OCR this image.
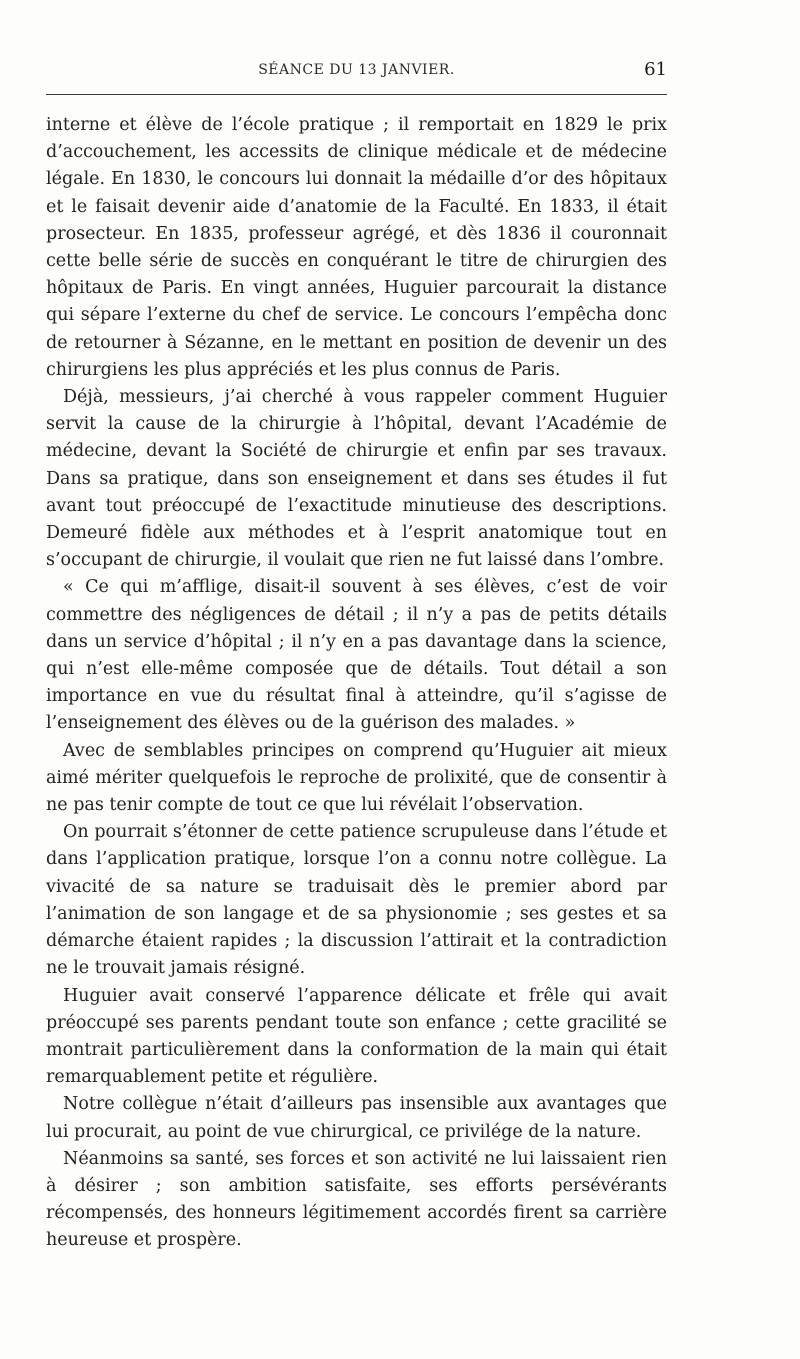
SÉANCE DU 13 JANVIER.	61

interne et élève de l’école pratique ; il remportait en 1829 le prix d’accouchement, les accessits de clinique médicale et de médecine légale. En 1830, le concours lui donnait la médaille d’or des hôpitaux et le faisait devenir aide d’anatomie de la Faculté. En 1833, il était prosecteur. En 1835, professeur agrégé, et dès 1836 il couronnait cette belle série de succès en conquérant le titre de chirurgien des hôpitaux de Paris. En vingt années, Huguier parcourait la distance qui sépare l’externe du chef de service. Le concours l’empêcha donc de retourner à Sézanne, en le mettant en position de devenir un des chirurgiens les plus appréciés et les plus connus de Paris.

Déjà, messieurs, j’ai cherché à vous rappeler comment Huguier servit la cause de la chirurgie à l’hôpital, devant l’Académie de médecine, devant la Société de chirurgie et enfin par ses travaux. Dans sa pratique, dans son enseignement et dans ses études il fut avant tout préoccupé de l’exactitude minutieuse des descriptions. Demeuré fidèle aux méthodes et à l’esprit anatomique tout en s’occupant de chirurgie, il voulait que rien ne fut laissé dans l’ombre.

« Ce qui m’afflige, disait-il souvent à ses élèves, c’est de voir commettre des négligences de détail ; il n’y a pas de petits détails dans un service d’hôpital ; il n’y en a pas davantage dans la science, qui n’est elle-même composée que de détails. Tout détail a son importance en vue du résultat final à atteindre, qu’il s’agisse de l’enseignement des élèves ou de la guérison des malades. »

Avec de semblables principes on comprend qu’Huguier ait mieux aimé mériter quelquefois le reproche de prolixité, que de consentir à ne pas tenir compte de tout ce que lui révélait l’observation.

On pourrait s’étonner de cette patience scrupuleuse dans l’étude et dans l’application pratique, lorsque l’on a connu notre collègue. La vivacité de sa nature se traduisait dès le premier abord par l’animation de son langage et de sa physionomie ; ses gestes et sa démarche étaient rapides ; la discussion l’attirait et la contradiction ne le trouvait jamais résigné.

Huguier avait conservé l’apparence délicate et frêle qui avait préoccupé ses parents pendant toute son enfance ; cette gracilité se montrait particulièrement dans la conformation de la main qui était remarquablement petite et régulière.

Notre collègue n’était d’ailleurs pas insensible aux avantages que lui procurait, au point de vue chirurgical, ce privilége de la nature.

Néanmoins sa santé, ses forces et son activité ne lui laissaient rien à désirer ; son ambition satisfaite, ses efforts persévérants récompensés, des honneurs légitimement accordés firent sa carrière heureuse et prospère.
